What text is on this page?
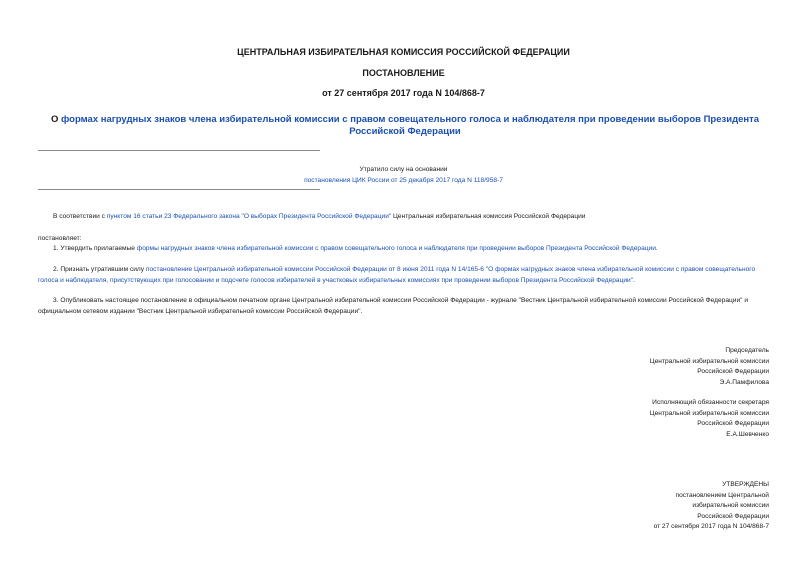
ЦЕНТРАЛЬНАЯ ИЗБИРАТЕЛЬНАЯ КОМИССИЯ РОССИЙСКОЙ ФЕДЕРАЦИИ
ПОСТАНОВЛЕНИЕ
от 27 сентября 2017 года N 104/868-7
О формах нагрудных знаков члена избирательной комиссии с правом совещательного голоса и наблюдателя при проведении выборов Президента Российской Федерации
Утратило силу на основании
постановления ЦИК России от 25 декабря 2017 года N 118/958-7
В соответствии с пунктом 16 статьи 23 Федерального закона "О выборах Президента Российской Федерации" Центральная избирательная комиссия Российской Федерации
постановляет:
1. Утвердить прилагаемые формы нагрудных знаков члена избирательной комиссии с правом совещательного голоса и наблюдателя при проведении выборов Президента Российской Федерации.
2. Признать утратившим силу постановление Центральной избирательной комиссии Российской Федерации от 8 июня 2011 года N 14/165-6 "О формах нагрудных знаков члена избирательной комиссии с правом совещательного голоса и наблюдателя, присутствующих при голосовании и подсчете голосов избирателей в участковых избирательных комиссиях при проведении выборов Президента Российской Федерации".
3. Опубликовать настоящее постановление в официальном печатном органе Центральной избирательной комиссии Российской Федерации - журнале "Вестник Центральной избирательной комиссии Российской Федерации" и официальном сетевом издании "Вестник Центральной избирательной комиссии Российской Федерации".
Председатель
Центральной избирательной комиссии
Российской Федерации
Э.А.Памфилова
Исполняющий обязанности секретаря
Центральной избирательной комиссии
Российской Федерации
Е.А.Шевченко
УТВЕРЖДЕНЫ
постановлением Центральной
избирательной комиссии
Российской Федерации
от 27 сентября 2017 года N 104/868-7
